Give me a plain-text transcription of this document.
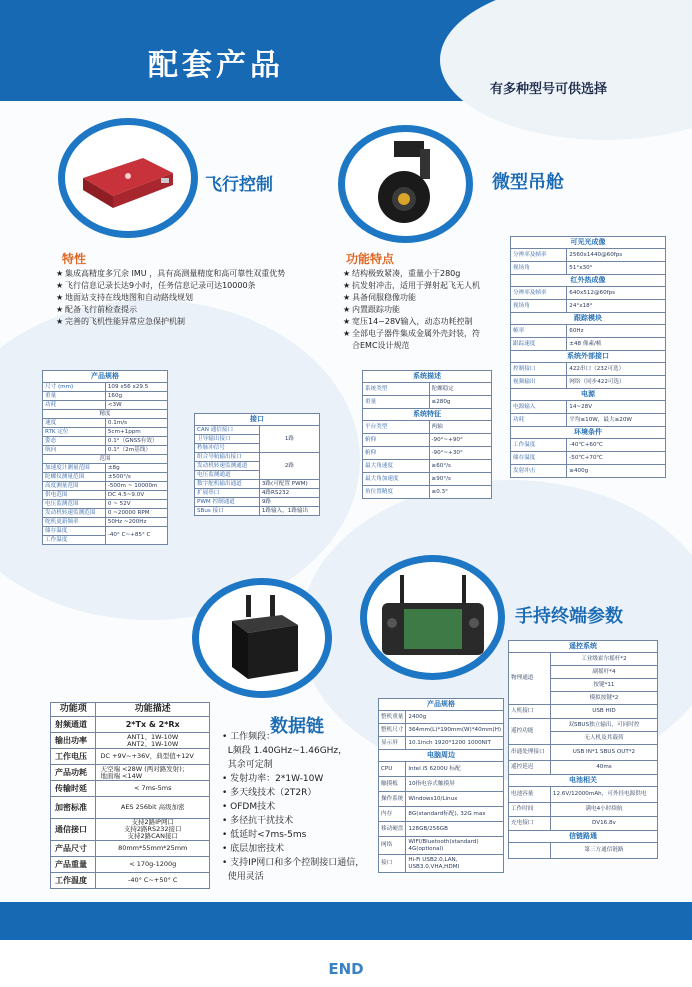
配套产品
有多种型号可供选择
飞行控制
特性
★ 集成高精度多冗余 IMU ，具有高测量精度和高可靠性双重优势
★ 飞行信息记录长达9小时，任务信息记录可达10000条
★ 地面站支持在线地图和自动路线规划
★ 配备飞行前检查提示
★ 完善的飞机性能异常应急保护机制
产品规格	
尺寸 (mm)	109 x56 x29.5
重量	160g
功耗	<3W
精度	
速度	0.1m/s
RTK 定位	5cm+1ppm
姿态	0.1°（GNSS有效）
航向	0.1°（2m基线）
范围	
加速度计测量范围	±8g
陀螺仪测量范围	±500°/s
高度测量范围	-500m ~ 10000m
供电范围	DC 4.5~9.0V
电压监测范围	0 ~ 52V
发动机转速监测范围	0 ~20000 RPM
舵机更新频率	50Hz ~200Hz
储存温度	-40° C~+85° C
工作温度	
接口	
CAN 通信接口	1路
卫导输出接口	
秒脉冲信号	
组合导航输出接口	2路
发动机转速监测通道	
电压监测通道	
数字舵机输出通道	3路(可配置 PWM)
扩展串口	4路RS232
PWM 控制通道	9路
SBus 接口	1路输入，1路输出
微型吊舱
功能特点
★ 结构极致紧凑，重量小于280g
★ 抗发射冲击，适用于弹射起飞无人机
★ 具备伺服稳像功能
★ 内置跟踪功能
★ 宽压14~28V输入，动态功耗控制
★ 全部电子器件集成金属外壳封装，符
合EMC设计规范
系统描述	
系统类型	陀螺稳定
重量	≤280g
系统特征	
平台类型	两轴
俯仰	-90°~+90°
俯仰	-90°~+30°
最大角速度	≥60°/s
最大角加速度	≥90°/s
角位置精度	≤0.3°
可见光成像	
分辨率及帧率	2560x1440@60fps
视场角	51°x30°
红外热成像	
分辨率及帧率	640x512@60fps
视场角	24°x18°
跟踪模块	
帧率	60Hz
跟踪速度	±48 像素/帧
系统外部接口	
控制接口	422串口（232可选）
视频输出	网络（同步422可选）
电源	
电源输入	14~28V
功耗	平均≤10W，最大≤20W
环境条件	
工作温度	-40℃+60℃
储存温度	-50℃+70℃
发射冲击	≥400g
数据链
功能项	功能描述
射频通道	2*Tx & 2*Rx
输出功率	ANT1、1W-10W
ANT2、1W-10W
工作电压	DC +9V~+36V，典型值+12V
产品功耗	天空端 <28W (两对路发射)；
地面端 <14W
传输时延	< 7ms-5ms
加密标准	AES 256bit 高级加密
通信接口	支持2路IP网口
支持2路RS232接口
支持2路CAN接口
产品尺寸	80mm*55mm*25mm
产品重量	< 170g-1200g
工作温度	-40° C~+50° C
• 工作频段：
L频段 1.40GHz~1.46GHz，
其余可定制
• 发射功率：2*1W-10W
• 多天线技术（2T2R）
• OFDM技术
• 多径抗干扰技术
• 低延时<7ms-5ms
• 底层加密技术
• 支持IP网口和多个控制接口通信，
使用灵活
手持终端参数
产品规格	
整机重量	2400g
整机尺寸	364mm(L)*190mm(W)*40mm(H)
显示屏	10.1inch 1920*1200 1000NIT
电脑周边	
CPU	Intel i5 6200U 标配
触摸板	10指电容式触摸屏
操作系统	Windows10/Linux
内存	8G(standard标配), 32G max
移动硬盘	128GB/256GB
网络	WIFI/Bluetooth(standard)
4G(optional)
接口	Hi-Fi USB2.0,LAN,
USB3.0,VHA,HDMI
遥控系统	
物理通道	工业级霍尔摇杆*2
	副摇杆*4
	按键*11
	模拟按键*2
人机接口	USB HID
遥控功能	双SBUS独立输出，可同时控
	无人机及其载荷
串通处理接口	USB IN*1 SBUS OUT*2
遥控延迟	40ms
电池相关	
电池容量	12.6V/12000mAh，可外挂电源供电
工作时间	满电4小时续航
充电接口	DV16.8v
信链路通	
	第三方通信链路
END
